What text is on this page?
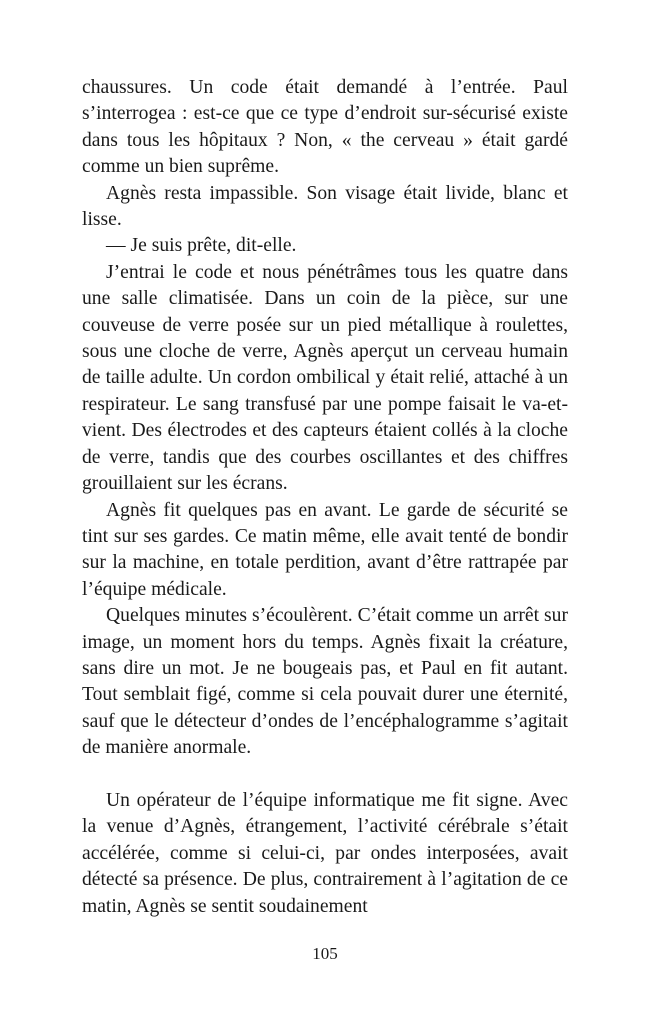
chaussures. Un code était demandé à l’entrée. Paul s’interrogea : est-ce que ce type d’endroit sur-sécurisé existe dans tous les hôpitaux ? Non, « the cerveau » était gardé comme un bien suprême.

Agnès resta impassible. Son visage était livide, blanc et lisse.

— Je suis prête, dit-elle.

J’entrai le code et nous pénétrâmes tous les quatre dans une salle climatisée. Dans un coin de la pièce, sur une couveuse de verre posée sur un pied métallique à roulettes, sous une cloche de verre, Agnès aperçut un cerveau humain de taille adulte. Un cordon ombilical y était relié, attaché à un respirateur. Le sang transfusé par une pompe faisait le va-et-vient. Des électrodes et des capteurs étaient collés à la cloche de verre, tandis que des courbes oscillantes et des chiffres grouillaient sur les écrans.

Agnès fit quelques pas en avant. Le garde de sécurité se tint sur ses gardes. Ce matin même, elle avait tenté de bondir sur la machine, en totale perdition, avant d’être rattrapée par l’équipe médicale.

Quelques minutes s’écoulèrent. C’était comme un arrêt sur image, un moment hors du temps. Agnès fixait la créature, sans dire un mot. Je ne bougeais pas, et Paul en fit autant. Tout semblait figé, comme si cela pouvait durer une éternité, sauf que le détecteur d’ondes de l’encéphalogramme s’agitait de manière anormale.

Un opérateur de l’équipe informatique me fit signe. Avec la venue d’Agnès, étrangement, l’activité cérébrale s’était accélérée, comme si celui-ci, par ondes interposées, avait détecté sa présence. De plus, contrairement à l’agitation de ce matin, Agnès se sentit soudainement

105
